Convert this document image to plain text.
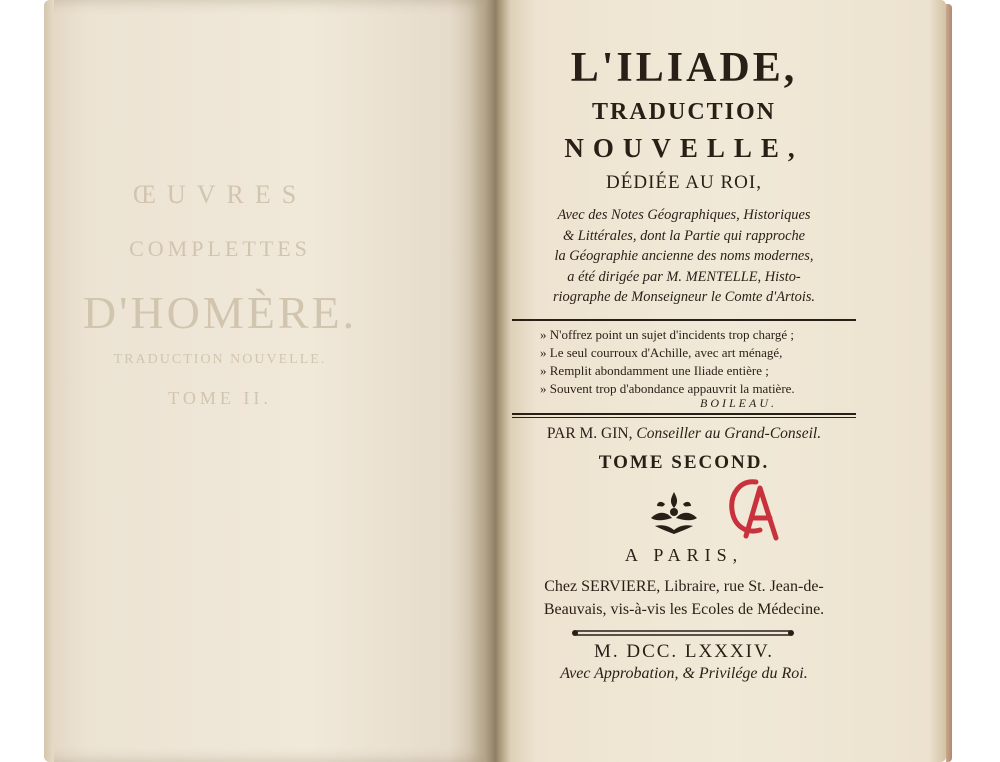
ŒUVRES
COMPLETTES
D'HOMÈRE.
TRADUCTION NOUVELLE.
TOME II.
L'ILIADE,
TRADUCTION
NOUVELLE,
DÉDIÉE AU ROI,
Avec des Notes Géographiques, Historiques
& Littérales, dont la Partie qui rapproche
la Géographie ancienne des noms modernes,
a été dirigée par M. MENTELLE, Histo-
riographe de Monseigneur le Comte d'Artois.
» N'offrez point un sujet d'incidents trop chargé ;
» Le seul courroux d'Achille, avec art ménagé,
» Remplit abondamment une Iliade entière ;
» Souvent trop d'abondance appauvrit la matière.
BOILEAU.
PAR M. GIN, Conseiller au Grand-Conseil.
TOME SECOND.
A PARIS,
Chez SERVIERE, Libraire, rue St. Jean-de-
Beauvais, vis-à-vis les Ecoles de Médecine.
M. DCC. LXXXIV.
Avec Approbation, & Privilége du Roi.
